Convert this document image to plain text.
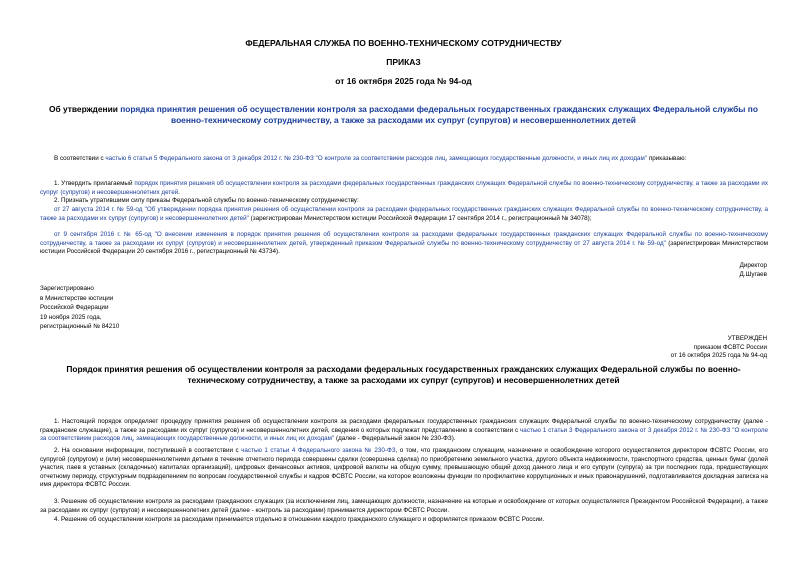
ФЕДЕРАЛЬНАЯ СЛУЖБА ПО ВОЕННО-ТЕХНИЧЕСКОМУ СОТРУДНИЧЕСТВУ
ПРИКАЗ
от 16 октября 2025 года № 94-од
Об утверждении порядка принятия решения об осуществлении контроля за расходами федеральных государственных гражданских служащих Федеральной службы по военно-техническому сотрудничеству, а также за расходами их супруг (супругов) и несовершеннолетних детей
В соответствии с частью 6 статьи 5 Федерального закона от 3 декабря 2012 г. № 230-ФЗ "О контроле за соответствием расходов лиц, замещающих государственные должности, и иных лиц их доходам" приказываю:
1. Утвердить прилагаемый порядок принятия решения об осуществлении контроля за расходами федеральных государственных гражданских служащих Федеральной службы по военно-техническому сотрудничеству, а также за расходами их супруг (супругов) и несовершеннолетних детей.
2. Признать утратившими силу приказы Федеральной службы по военно-техническому сотрудничеству:
от 27 августа 2014 г. № 59-од "Об утверждении порядка принятия решения об осуществлении контроля за расходами федеральных государственных гражданских служащих Федеральной службы по военно-техническому сотрудничеству, а также за расходами их супруг (супругов) и несовершеннолетних детей" (зарегистрирован Министерством юстиции Российской Федерации 17 сентября 2014 г., регистрационный № 34078);
от 9 сентября 2016 г. № 65-од "О внесении изменения в порядок принятия решения об осуществлении контроля за расходами федеральных государственных гражданских служащих Федеральной службы по военно-техническому сотрудничеству, а также за расходами их супруг (супругов) и несовершеннолетних детей, утвержденный приказом Федеральной службы по военно-техническому сотрудничеству от 27 августа 2014 г. № 59-од" (зарегистрирован Министерством юстиции Российской Федерации 20 сентября 2016 г., регистрационный № 43734).
Директор
Д.Шугаев
Зарегистрировано
в Министерстве юстиции
Российской Федерации
19 ноября 2025 года,
регистрационный № 84210
УТВЕРЖДЕН
приказом ФСВТС России
от 16 октября 2025 года № 94-од
Порядок принятия решения об осуществлении контроля за расходами федеральных государственных гражданских служащих Федеральной службы по военно-техническому сотрудничеству, а также за расходами их супруг (супругов) и несовершеннолетних детей
1. Настоящий порядок определяет процедуру принятия решения об осуществлении контроля за расходами федеральных государственных гражданских служащих Федеральной службы по военно-техническому сотрудничеству (далее - гражданские служащие), а также за расходами их супруг (супругов) и несовершеннолетних детей, сведения о которых подлежат представлению в соответствии с частью 1 статьи 3 Федерального закона от 3 декабря 2012 г. № 230-ФЗ "О контроле за соответствием расходов лиц, замещающих государственные должности, и иных лиц их доходам" (далее - Федеральный закон № 230-ФЗ).
2. На основании информации, поступившей в соответствии с частью 1 статьи 4 Федерального закона № 230-ФЗ, о том, что гражданским служащим, назначение и освобождение которого осуществляется директором ФСВТС России, его супругой (супругом) и (или) несовершеннолетними детьми в течение отчетного периода совершены сделки (совершена сделка) по приобретению земельного участка, другого объекта недвижимости, транспортного средства, ценных бумаг (долей участия, паев в уставных (складочных) капиталах организаций), цифровых финансовых активов, цифровой валюты на общую сумму, превышающую общий доход данного лица и его супруги (супруга) за три последних года, предшествующих отчетному периоду, структурным подразделением по вопросам государственной службы и кадров ФСВТС России, на которое возложены функции по профилактике коррупционных и иных правонарушений, подготавливается докладная записка на имя директора ФСВТС России.
3. Решение об осуществлении контроля за расходами гражданских служащих (за исключением лиц, замещающих должности, назначение на которые и освобождение от которых осуществляется Президентом Российской Федерации), а также за расходами их супруг (супругов) и несовершеннолетних детей (далее - контроль за расходами) принимается директором ФСВТС России.
4. Решение об осуществлении контроля за расходами принимается отдельно в отношении каждого гражданского служащего и оформляется приказом ФСВТС России.
